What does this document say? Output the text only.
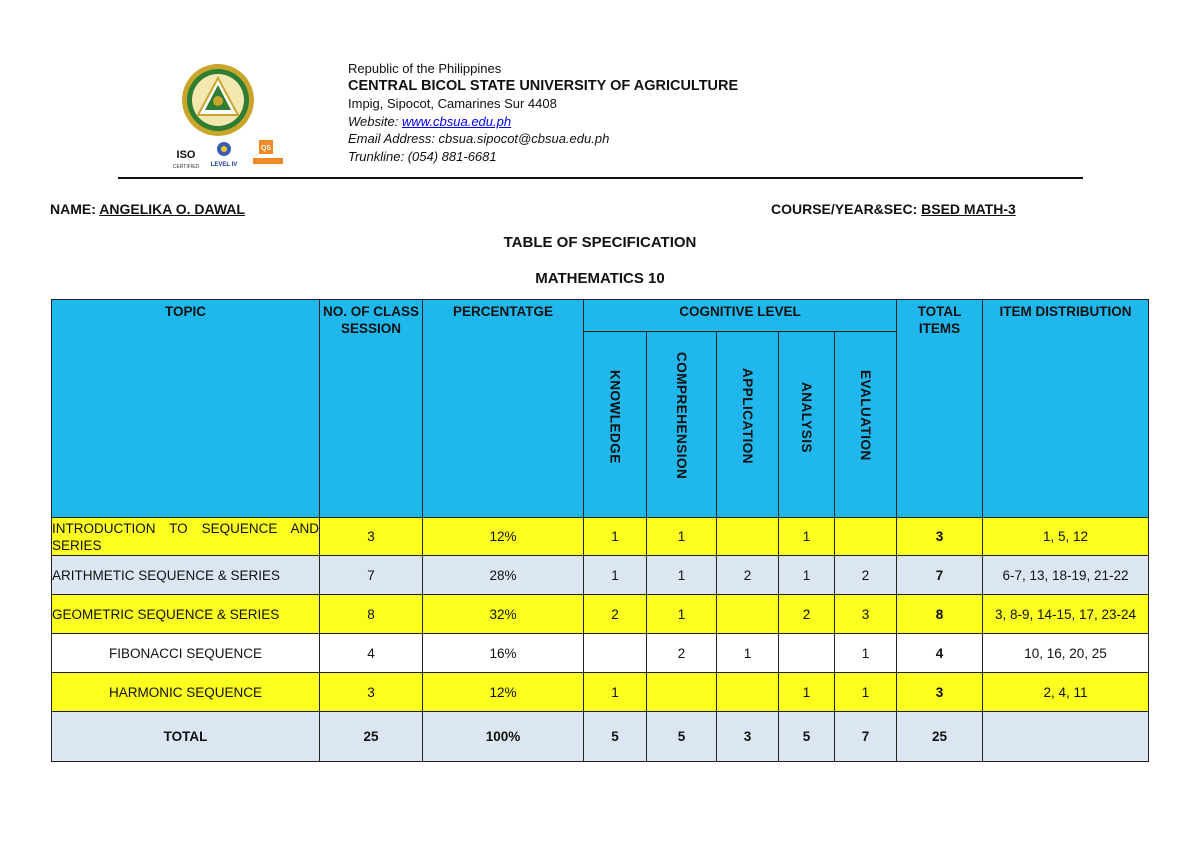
ISO
CERTIFIED LEVEL IV
QS
Republic of the Philippines
CENTRAL BICOL STATE UNIVERSITY OF AGRICULTURE
Impig, Sipocot, Camarines Sur 4408
Website: www.cbsua.edu.ph
Email Address: cbsua.sipocot@cbsua.edu.ph
Trunkline: (054) 881-6681
NAME: ANGELIKA O. DAWAL	COURSE/YEAR&SEC: BSED MATH-3
TABLE OF SPECIFICATION
MATHEMATICS 10
TOPIC	NO. OF CLASS SESSION	PERCENTATGE	COGNITIVE LEVEL					TOTAL ITEMS	ITEM DISTRIBUTION

			KNOWLEDGE	COMPREHENSION	APPLICATION	ANALYSIS	EVALUATION		

INTRODUCTION TO SEQUENCE AND SERIES	3	12%	1	1		1		3	1, 5, 12
ARITHMETIC SEQUENCE & SERIES	7	28%	1	1	2	1	2	7	6-7, 13, 18-19, 21-22
GEOMETRIC SEQUENCE & SERIES	8	32%	2	1		2	3	8	3, 8-9, 14-15, 17, 23-24
FIBONACCI SEQUENCE	4	16%		2	1		1	4	10, 16, 20, 25
HARMONIC SEQUENCE	3	12%	1			1	1	3	2, 4, 11
TOTAL	25	100%	5	5	3	5	7	25	
